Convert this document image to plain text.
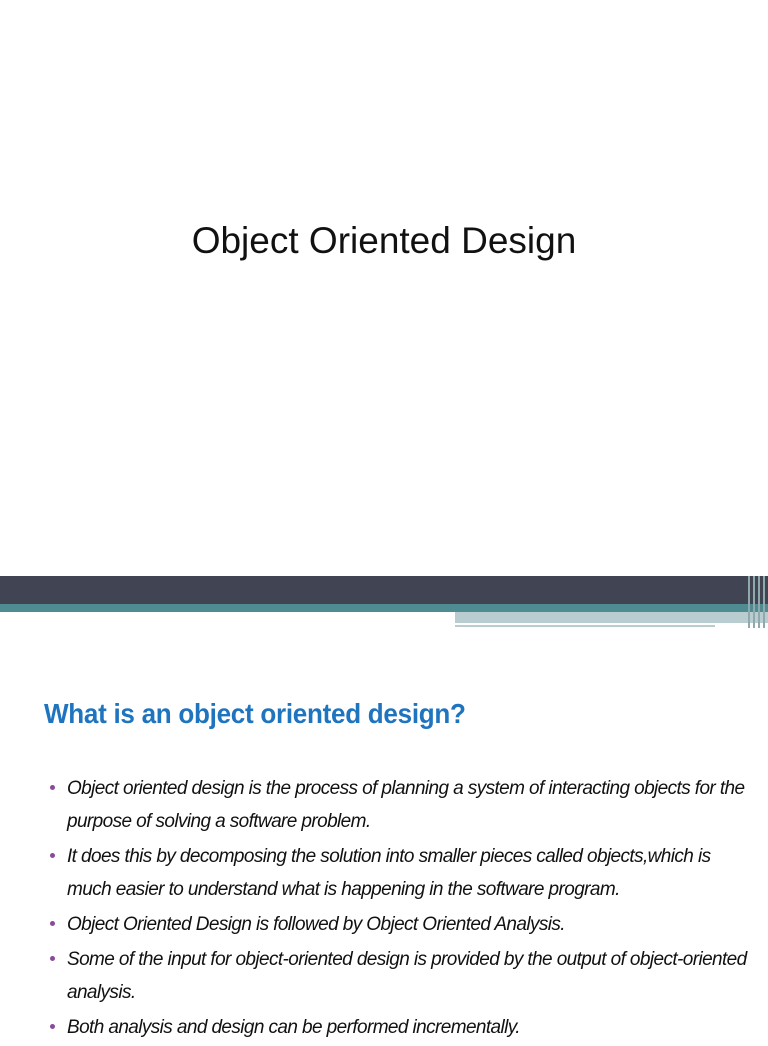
Object Oriented Design
What is an object oriented design?
Object oriented design is the process of planning a system of interacting objects for the purpose of solving a software problem.
It does this by decomposing the solution into smaller pieces called objects,which is much easier to understand what is happening in the software program.
Object Oriented Design is followed by Object Oriented Analysis.
Some of the input for object-oriented design is provided by the output of object-oriented analysis.
Both analysis and design can be performed incrementally.
